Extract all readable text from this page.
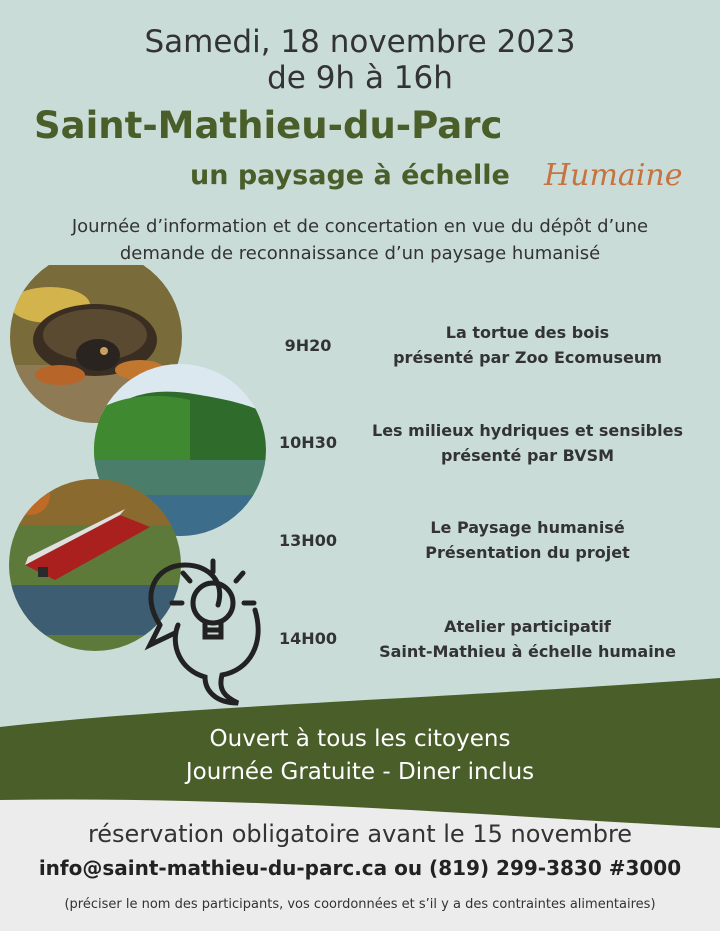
Samedi, 18 novembre 2023
de 9h à 16h
Saint-Mathieu-du-Parc
un paysage à échelle Humaine
Journée d’information et de concertation en vue du dépôt d’une
demande de reconnaissance d’un paysage humanisé
9H20
La tortue des bois
présenté par Zoo Ecomuseum
10H30
Les milieux hydriques et sensibles
présenté par BVSM
13H00
Le Paysage humanisé
Présentation du projet
14H00
Atelier participatif
Saint-Mathieu à échelle humaine
Ouvert à tous les citoyens
Journée Gratuite - Diner inclus
réservation obligatoire avant le 15 novembre
info@saint-mathieu-du-parc.ca ou (819) 299-3830 #3000
(préciser le nom des participants, vos coordonnées et s’il y a des contraintes alimentaires)
